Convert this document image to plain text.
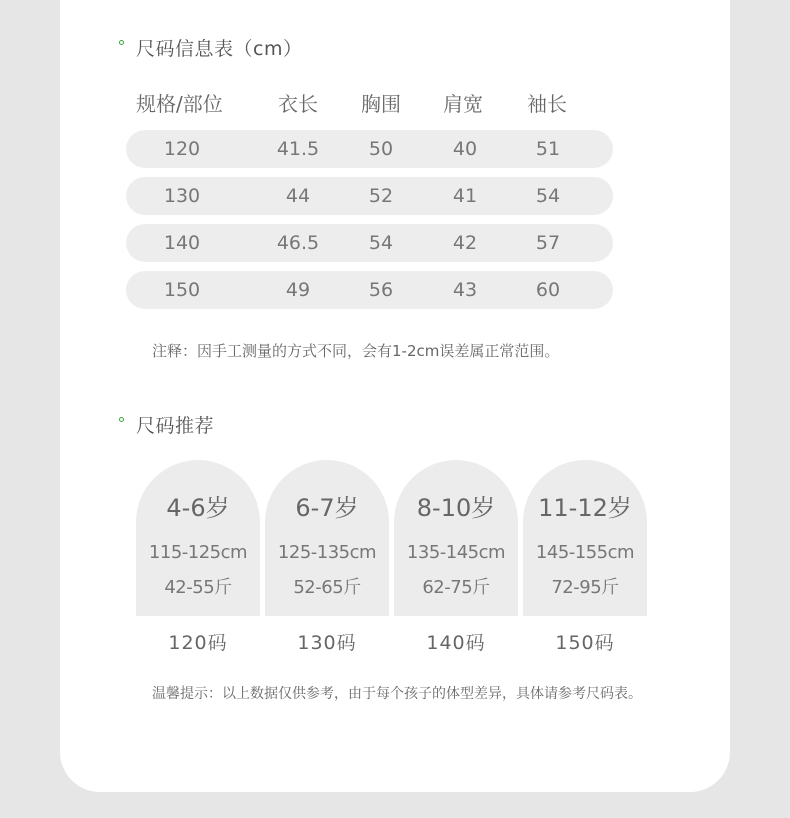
尺码信息表（cm）
规格/部位	衣长 胸围 肩宽 袖长
120	41.5	50	40	51
130	44	52	41	54
140	46.5	54	42	57
150	49	56	43	60
注释：因手工测量的方式不同，会有1-2cm误差属正常范围。
尺码推荐
4-6岁
115-125cm
42-55斤
6-7岁
125-135cm
52-65斤
8-10岁
135-145cm
62-75斤
11-12岁
145-155cm
72-95斤
120码	130码	140码	150码
温馨提示：以上数据仅供参考，由于每个孩子的体型差异，具体请参考尺码表。
